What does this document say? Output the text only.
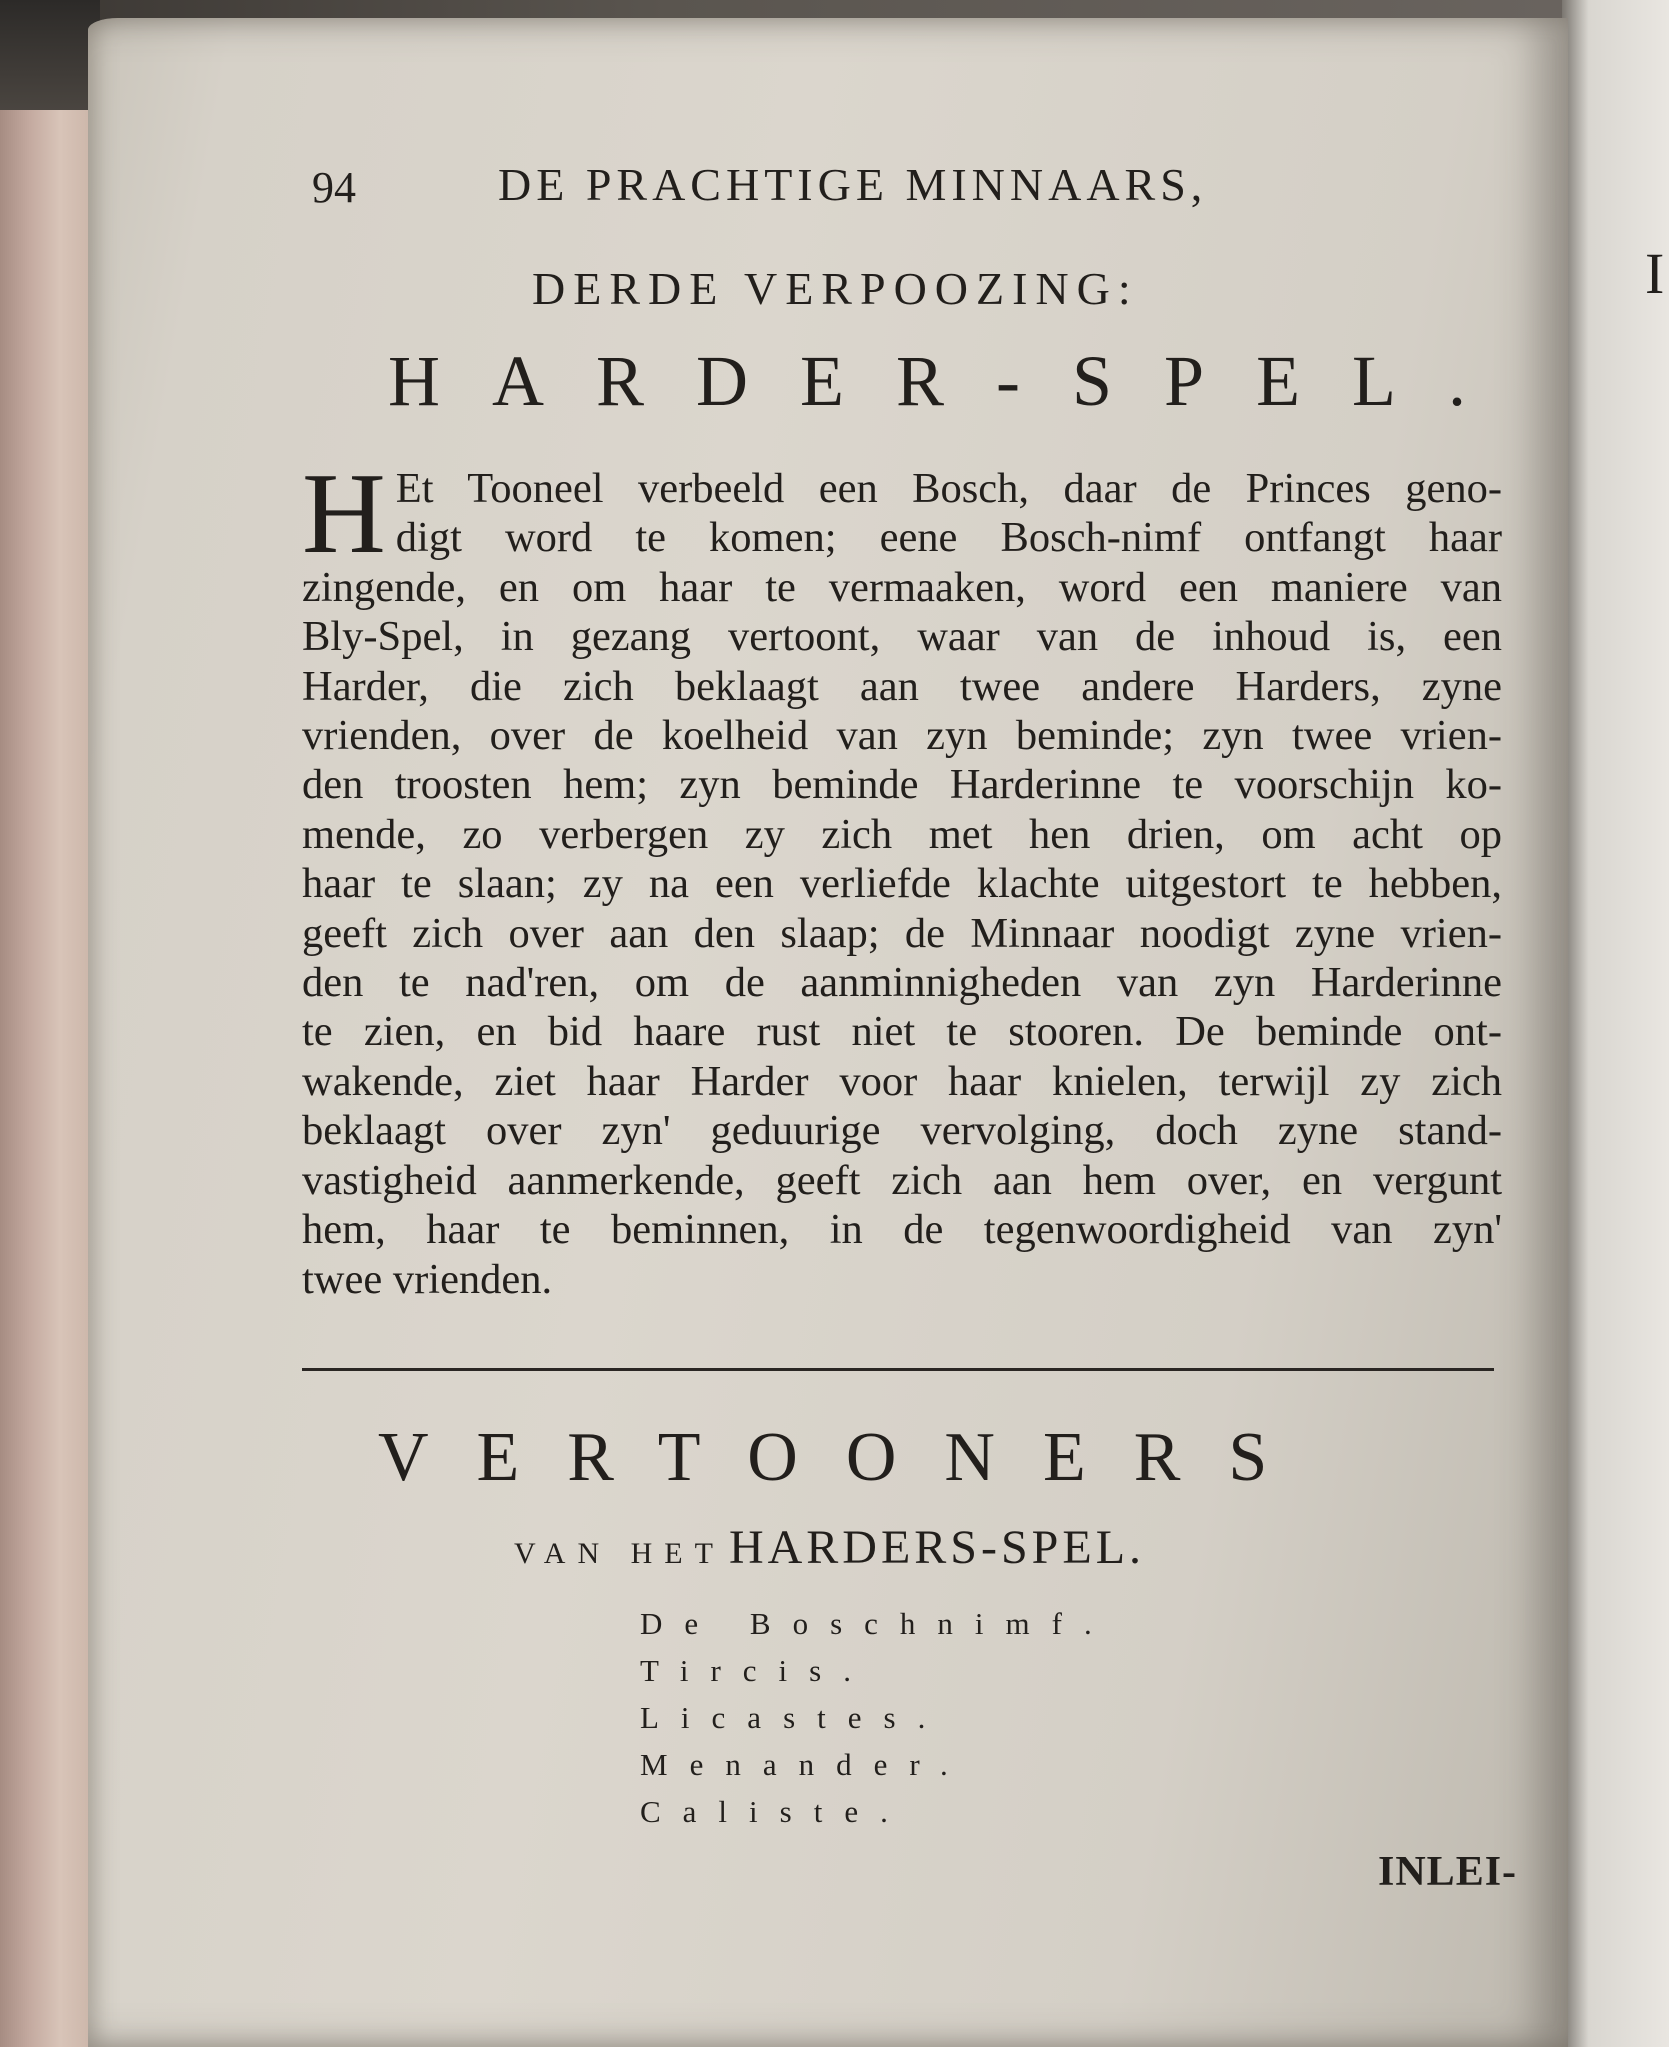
I
94	DE PRACHTIGE MINNAARS,
DERDE VERPOOZING:
HARDER-SPEL.
H Et Tooneel verbeeld een Bosch, daar de Princes geno-
digt word te komen; eene Bosch-nimf ontfangt haar
zingende, en om haar te vermaaken, word een maniere van
Bly-Spel, in gezang vertoont, waar van de inhoud is, een
Harder, die zich beklaagt aan twee andere Harders, zyne
vrienden, over de koelheid van zyn beminde; zyn twee vrien-
den troosten hem; zyn beminde Harderinne te voorschijn ko-
mende, zo verbergen zy zich met hen drien, om acht op
haar te slaan; zy na een verliefde klachte uitgestort te hebben,
geeft zich over aan den slaap; de Minnaar noodigt zyne vrien-
den te nad'ren, om de aanminnigheden van zyn Harderinne
te zien, en bid haare rust niet te stooren. De beminde ont-
wakende, ziet haar Harder voor haar knielen, terwijl zy zich
beklaagt over zyn' geduurige vervolging, doch zyne stand-
vastigheid aanmerkende, geeft zich aan hem over, en vergunt
hem, haar te beminnen, in de tegenwoordigheid van zyn'
twee vrienden.
VERTOONERS
VAN HET HARDERS-SPEL.
De Boschnimf.
Tircis.
Licastes.
Menander.
Caliste.
INLEI-
